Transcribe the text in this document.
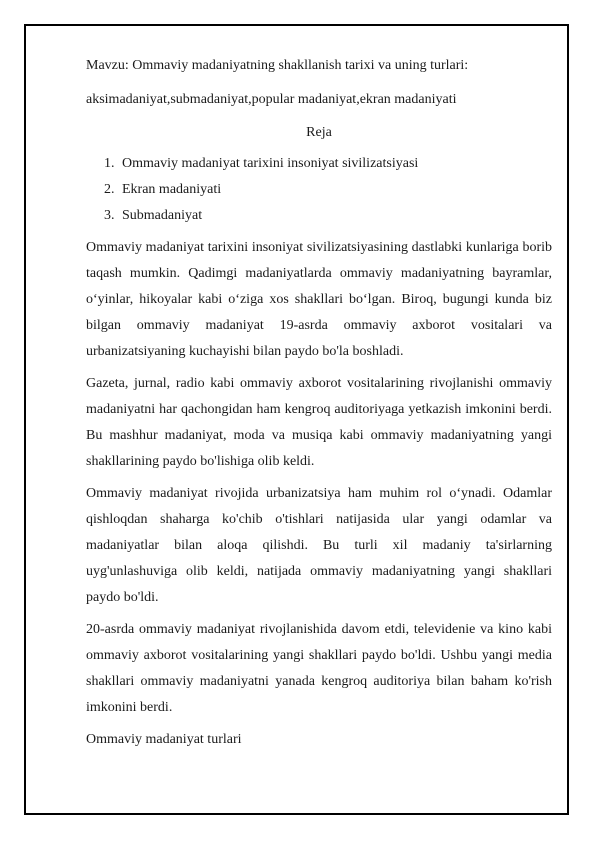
Mavzu: Ommaviy madaniyatning shakllanish tarixi va uning turlari:

aksimadaniyat,submadaniyat,popular madaniyat,ekran madaniyati

Reja

1. Ommaviy madaniyat tarixini insoniyat sivilizatsiyasi
2. Ekran madaniyati
3. Submadaniyat

Ommaviy madaniyat tarixini insoniyat sivilizatsiyasining dastlabki kunlariga borib taqash mumkin. Qadimgi madaniyatlarda ommaviy madaniyatning bayramlar, o‘yinlar, hikoyalar kabi o‘ziga xos shakllari bo‘lgan. Biroq, bugungi kunda biz bilgan ommaviy madaniyat 19-asrda ommaviy axborot vositalari va urbanizatsiyaning kuchayishi bilan paydo bo'la boshladi.

Gazeta, jurnal, radio kabi ommaviy axborot vositalarining rivojlanishi ommaviy madaniyatni har qachongidan ham kengroq auditoriyaga yetkazish imkonini berdi. Bu mashhur madaniyat, moda va musiqa kabi ommaviy madaniyatning yangi shakllarining paydo bo'lishiga olib keldi.

Ommaviy madaniyat rivojida urbanizatsiya ham muhim rol o‘ynadi. Odamlar qishloqdan shaharga ko'chib o'tishlari natijasida ular yangi odamlar va madaniyatlar bilan aloqa qilishdi. Bu turli xil madaniy ta'sirlarning uyg'unlashuviga olib keldi, natijada ommaviy madaniyatning yangi shakllari paydo bo'ldi.

20-asrda ommaviy madaniyat rivojlanishida davom etdi, televidenie va kino kabi ommaviy axborot vositalarining yangi shakllari paydo bo'ldi. Ushbu yangi media shakllari ommaviy madaniyatni yanada kengroq auditoriya bilan baham ko'rish imkonini berdi.

Ommaviy madaniyat turlari
